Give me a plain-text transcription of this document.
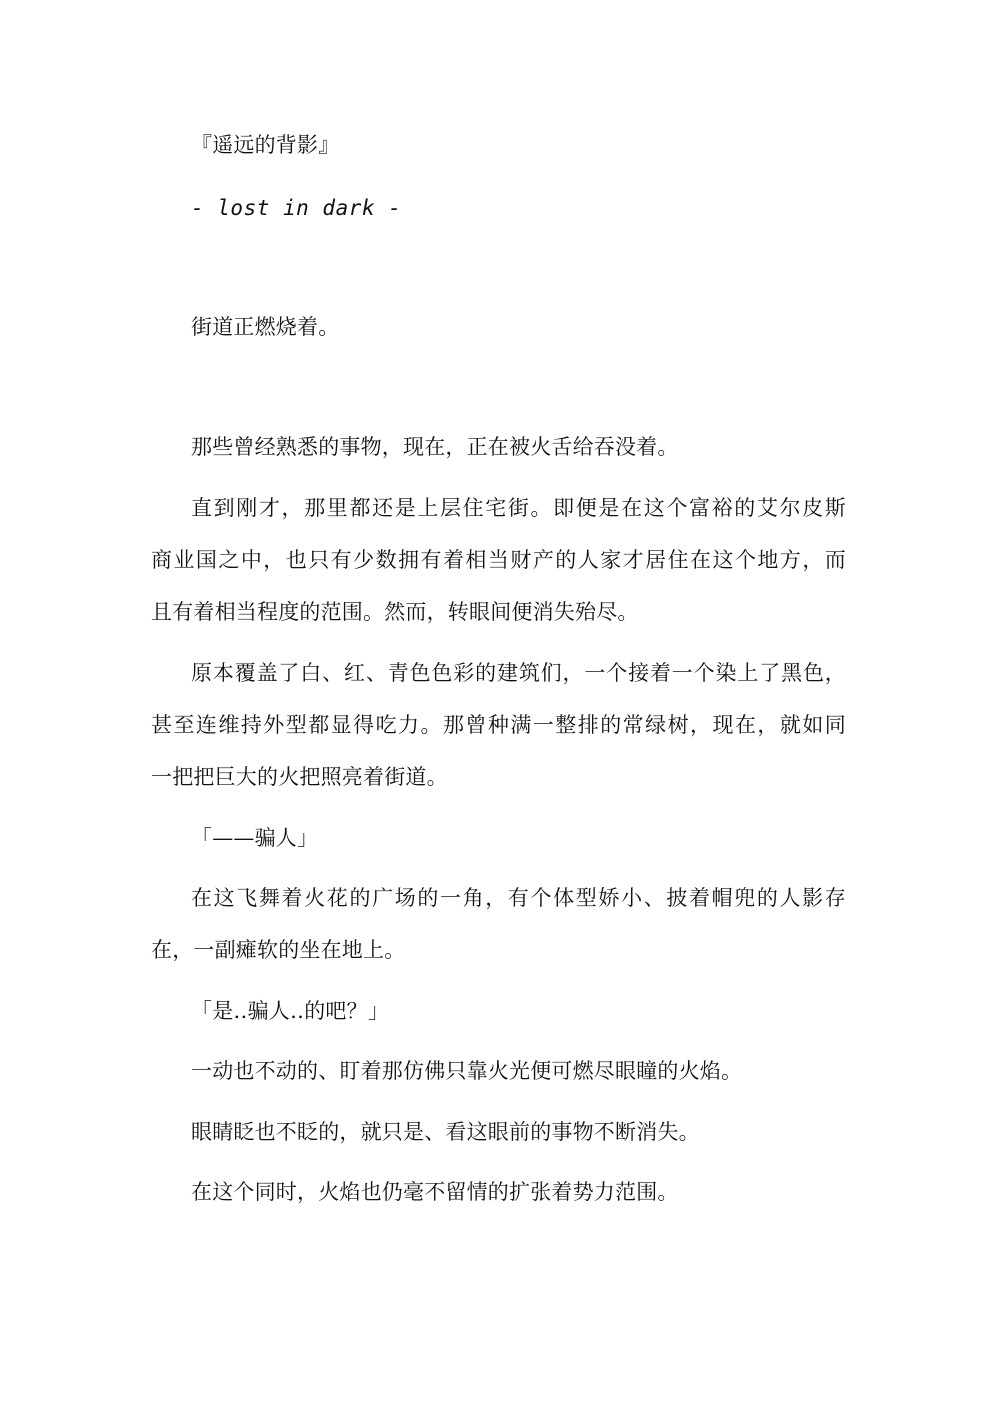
『遥远的背影』
- lost in dark -
街道正燃烧着。
那些曾经熟悉的事物，现在，正在被火舌给吞没着。
直到刚才，那里都还是上层住宅街。即便是在这个富裕的艾尔皮斯
商业国之中，也只有少数拥有着相当财产的人家才居住在这个地方，而
且有着相当程度的范围。然而，转眼间便消失殆尽。
原本覆盖了白、红、青色色彩的建筑们，一个接着一个染上了黑色，
甚至连维持外型都显得吃力。那曾种满一整排的常绿树，现在，就如同
一把把巨大的火把照亮着街道。
「——骗人」
在这飞舞着火花的广场的一角，有个体型娇小、披着帽兜的人影存
在，一副瘫软的坐在地上。
「是‥骗人‥的吧？」
一动也不动的、盯着那仿佛只靠火光便可燃尽眼瞳的火焰。
眼睛眨也不眨的，就只是、看这眼前的事物不断消失。
在这个同时，火焰也仍毫不留情的扩张着势力范围。
